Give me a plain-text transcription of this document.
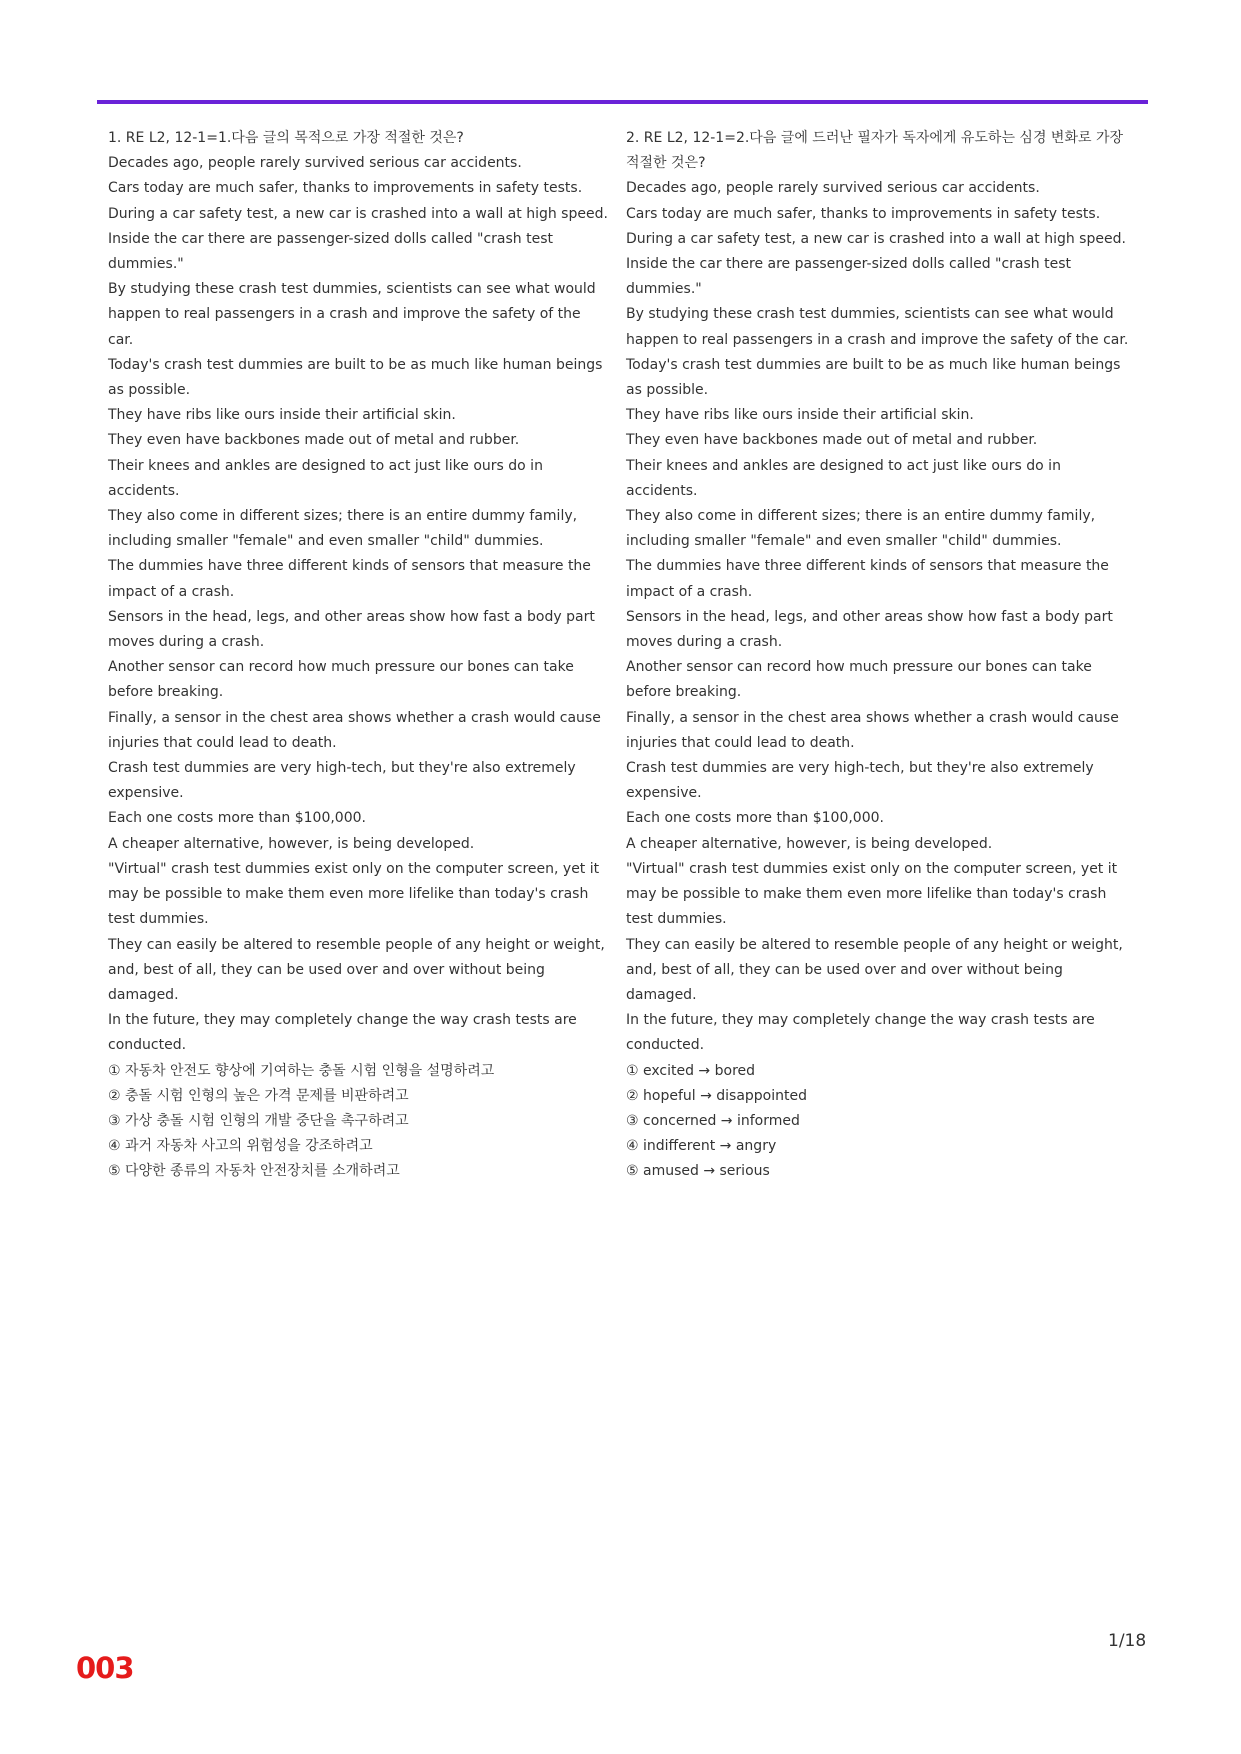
1. RE L2, 12-1=1.다음 글의 목적으로 가장 적절한 것은?

Decades ago, people rarely survived serious car accidents.

Cars today are much safer, thanks to improvements in safety tests.

During a car safety test, a new car is crashed into a wall at high speed.

Inside the car there are passenger-sized dolls called "crash test dummies."

By studying these crash test dummies, scientists can see what would happen to real passengers in a crash and improve the safety of the car.

Today's crash test dummies are built to be as much like human beings as possible.

They have ribs like ours inside their artificial skin.

They even have backbones made out of metal and rubber.

Their knees and ankles are designed to act just like ours do in accidents.

They also come in different sizes; there is an entire dummy family, including smaller "female" and even smaller "child" dummies.

The dummies have three different kinds of sensors that measure the impact of a crash.

Sensors in the head, legs, and other areas show how fast a body part moves during a crash.

Another sensor can record how much pressure our bones can take before breaking.

Finally, a sensor in the chest area shows whether a crash would cause injuries that could lead to death.

Crash test dummies are very high-tech, but they're also extremely expensive.

Each one costs more than $100,000.

A cheaper alternative, however, is being developed.

"Virtual" crash test dummies exist only on the computer screen, yet it may be possible to make them even more lifelike than today's crash test dummies.

They can easily be altered to resemble people of any height or weight, and, best of all, they can be used over and over without being damaged.

In the future, they may completely change the way crash tests are conducted.

① 자동차 안전도 향상에 기여하는 충돌 시험 인형을 설명하려고

② 충돌 시험 인형의 높은 가격 문제를 비판하려고

③ 가상 충돌 시험 인형의 개발 중단을 촉구하려고

④ 과거 자동차 사고의 위험성을 강조하려고

⑤ 다양한 종류의 자동차 안전장치를 소개하려고

2. RE L2, 12-1=2.다음 글에 드러난 필자가 독자에게 유도하는 심경 변화로 가장 적절한 것은?

Decades ago, people rarely survived serious car accidents.

Cars today are much safer, thanks to improvements in safety tests.

During a car safety test, a new car is crashed into a wall at high speed.

Inside the car there are passenger-sized dolls called "crash test dummies."

By studying these crash test dummies, scientists can see what would happen to real passengers in a crash and improve the safety of the car.

Today's crash test dummies are built to be as much like human beings as possible.

They have ribs like ours inside their artificial skin.

They even have backbones made out of metal and rubber.

Their knees and ankles are designed to act just like ours do in accidents.

They also come in different sizes; there is an entire dummy family, including smaller "female" and even smaller "child" dummies.

The dummies have three different kinds of sensors that measure the impact of a crash.

Sensors in the head, legs, and other areas show how fast a body part moves during a crash.

Another sensor can record how much pressure our bones can take before breaking.

Finally, a sensor in the chest area shows whether a crash would cause injuries that could lead to death.

Crash test dummies are very high-tech, but they're also extremely expensive.

Each one costs more than $100,000.

A cheaper alternative, however, is being developed.

"Virtual" crash test dummies exist only on the computer screen, yet it may be possible to make them even more lifelike than today's crash test dummies.

They can easily be altered to resemble people of any height or weight, and, best of all, they can be used over and over without being damaged.

In the future, they may completely change the way crash tests are conducted.

① excited → bored

② hopeful → disappointed

③ concerned → informed

④ indifferent → angry

⑤ amused → serious

1/18
003
